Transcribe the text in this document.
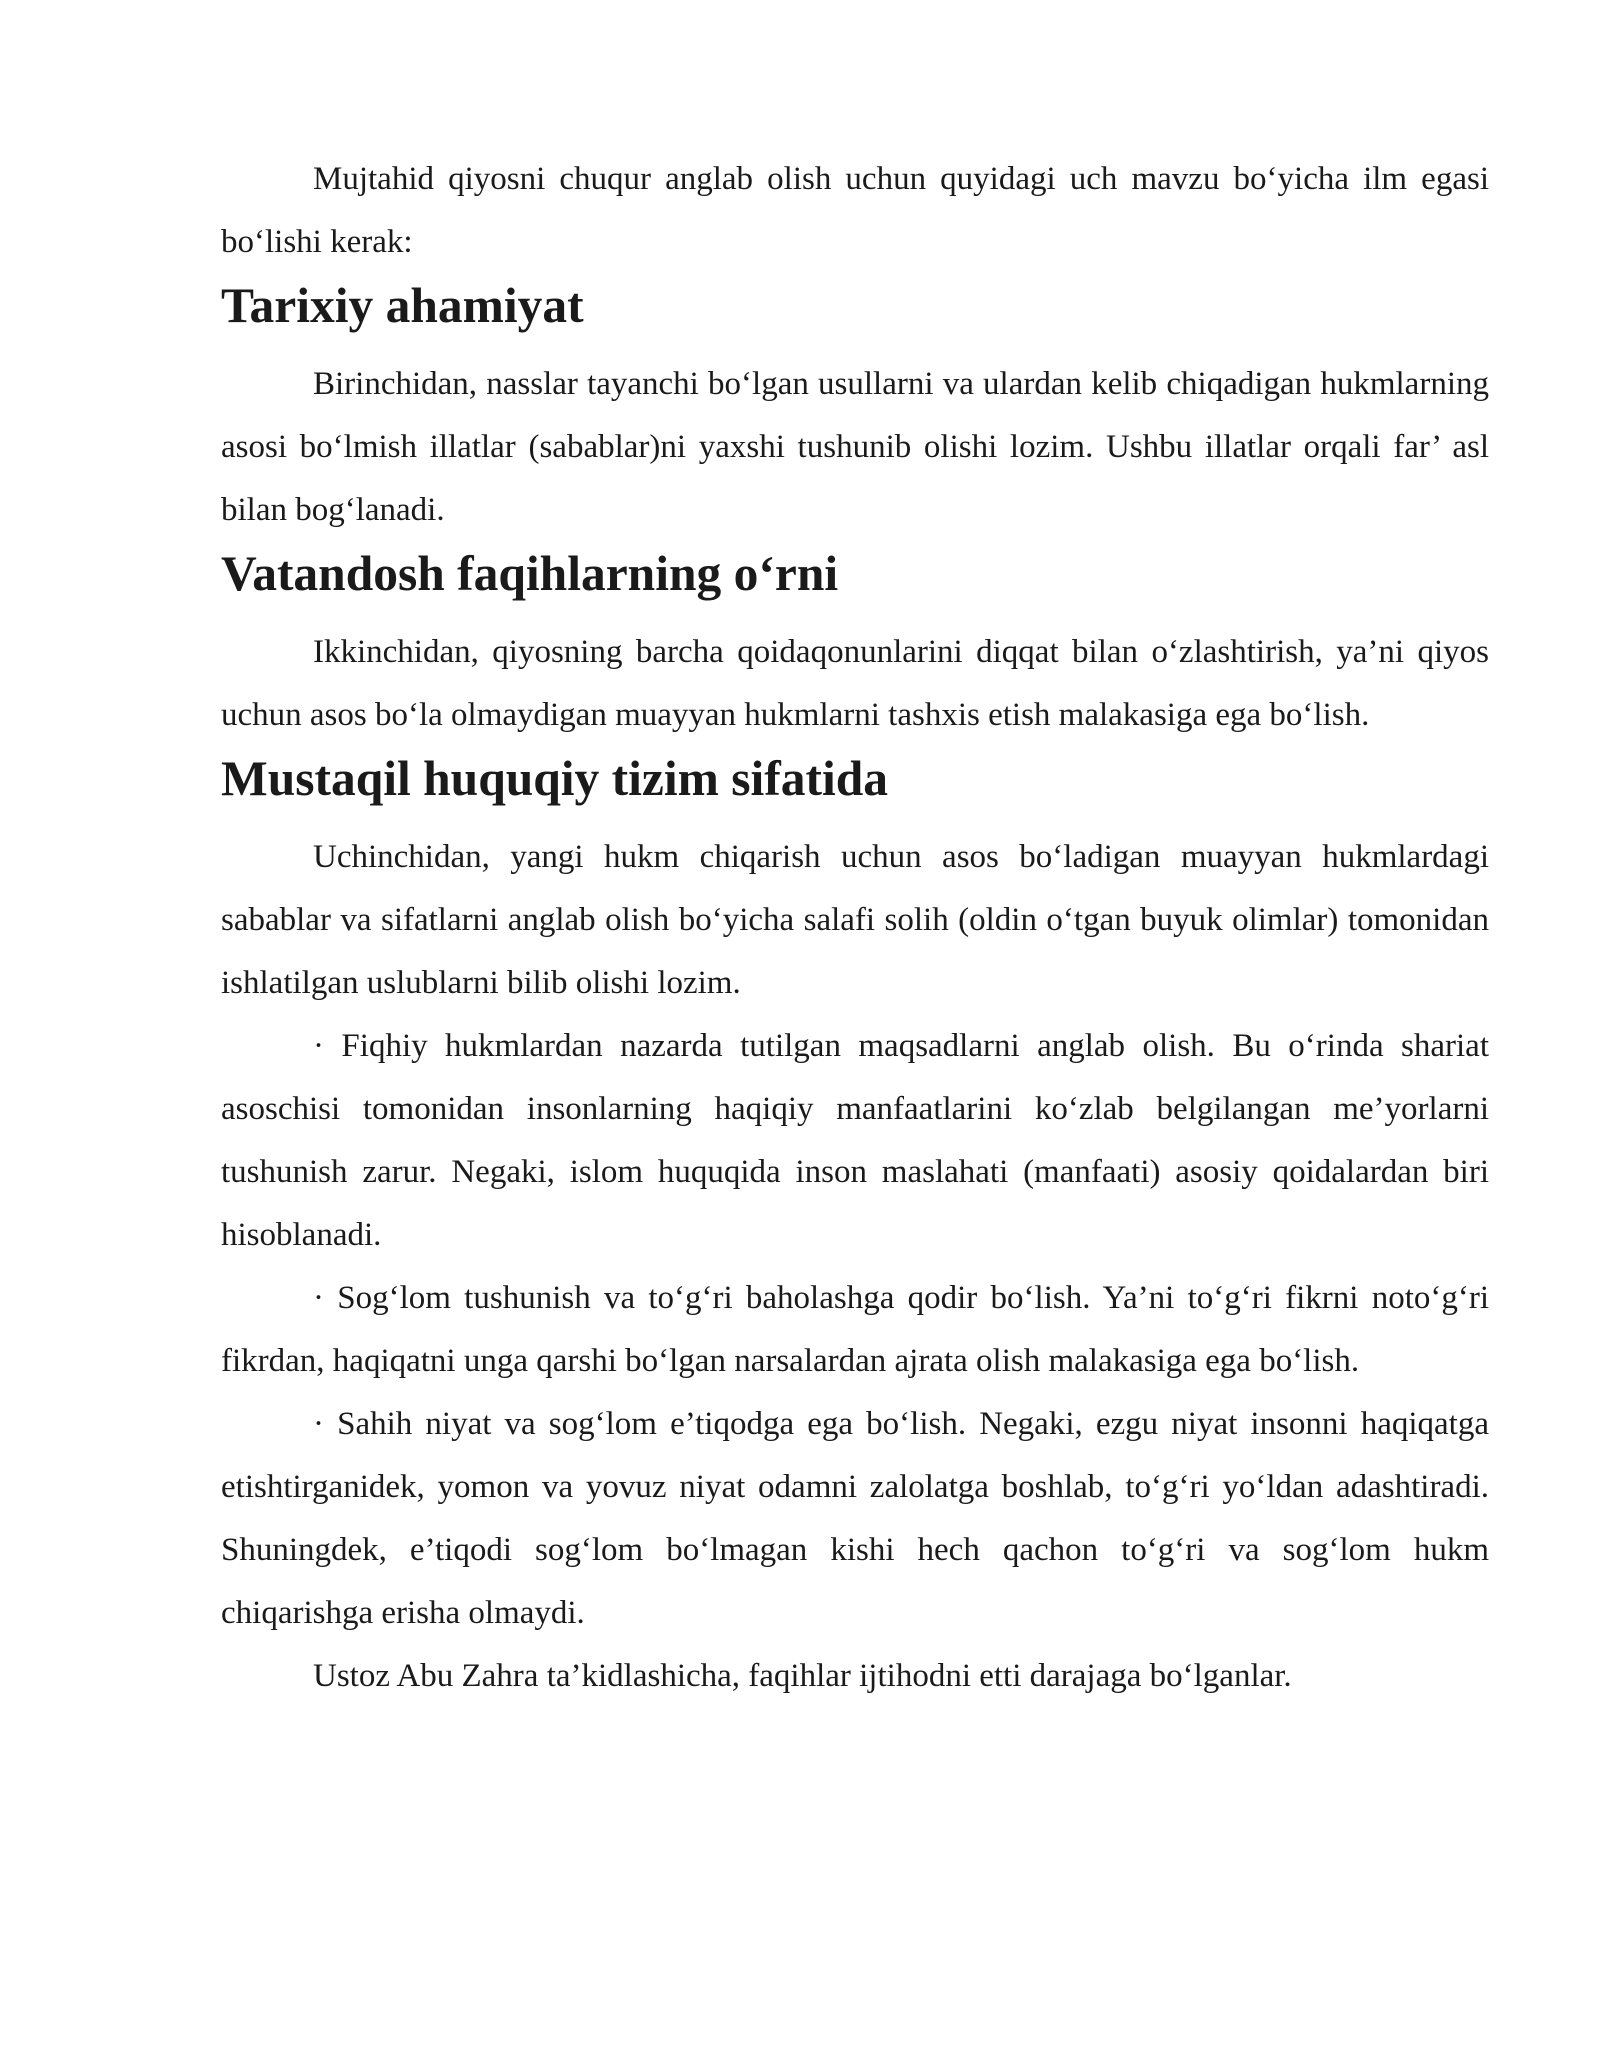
Mujtahid qiyosni chuqur anglab olish uchun quyidagi uch mavzu bo‘yicha ilm egasi bo‘lishi kerak:

Tarixiy ahamiyat

Birinchidan, nasslar tayanchi bo‘lgan usullarni va ulardan kelib chiqadigan hukmlarning asosi bo‘lmish illatlar (sabablar)ni yaxshi tushunib olishi lozim. Ushbu illatlar orqali far’ asl bilan bog‘lanadi.

Vatandosh faqihlarning o‘rni

Ikkinchidan, qiyosning barcha qoidaqonunlarini diqqat bilan o‘zlashtirish, ya’ni qiyos uchun asos bo‘la olmaydigan muayyan hukmlarni tashxis etish malakasiga ega bo‘lish.

Mustaqil huquqiy tizim sifatida

Uchinchidan, yangi hukm chiqarish uchun asos bo‘ladigan muayyan hukmlardagi sabablar va sifatlarni anglab olish bo‘yicha salafi solih (oldin o‘tgan buyuk olimlar) tomonidan ishlatilgan uslublarni bilib olishi lozim.

· Fiqhiy hukmlardan nazarda tutilgan maqsadlarni anglab olish. Bu o‘rinda shariat asoschisi tomonidan insonlarning haqiqiy manfaatlarini ko‘zlab belgilangan me’yorlarni tushunish zarur. Negaki, islom huquqida inson maslahati (manfaati) asosiy qoidalardan biri hisoblanadi.

· Sog‘lom tushunish va to‘g‘ri baholashga qodir bo‘lish. Ya’ni to‘g‘ri fikrni noto‘g‘ri fikrdan, haqiqatni unga qarshi bo‘lgan narsalardan ajrata olish malakasiga ega bo‘lish.

· Sahih niyat va sog‘lom e’tiqodga ega bo‘lish. Negaki, ezgu niyat insonni haqiqatga etishtirganidek, yomon va yovuz niyat odamni zalolatga boshlab, to‘g‘ri yo‘ldan adashtiradi. Shuningdek, e’tiqodi sog‘lom bo‘lmagan kishi hech qachon to‘g‘ri va sog‘lom hukm chiqarishga erisha olmaydi.

Ustoz Abu Zahra ta’kidlashicha, faqihlar ijtihodni etti darajaga bo‘lganlar.
